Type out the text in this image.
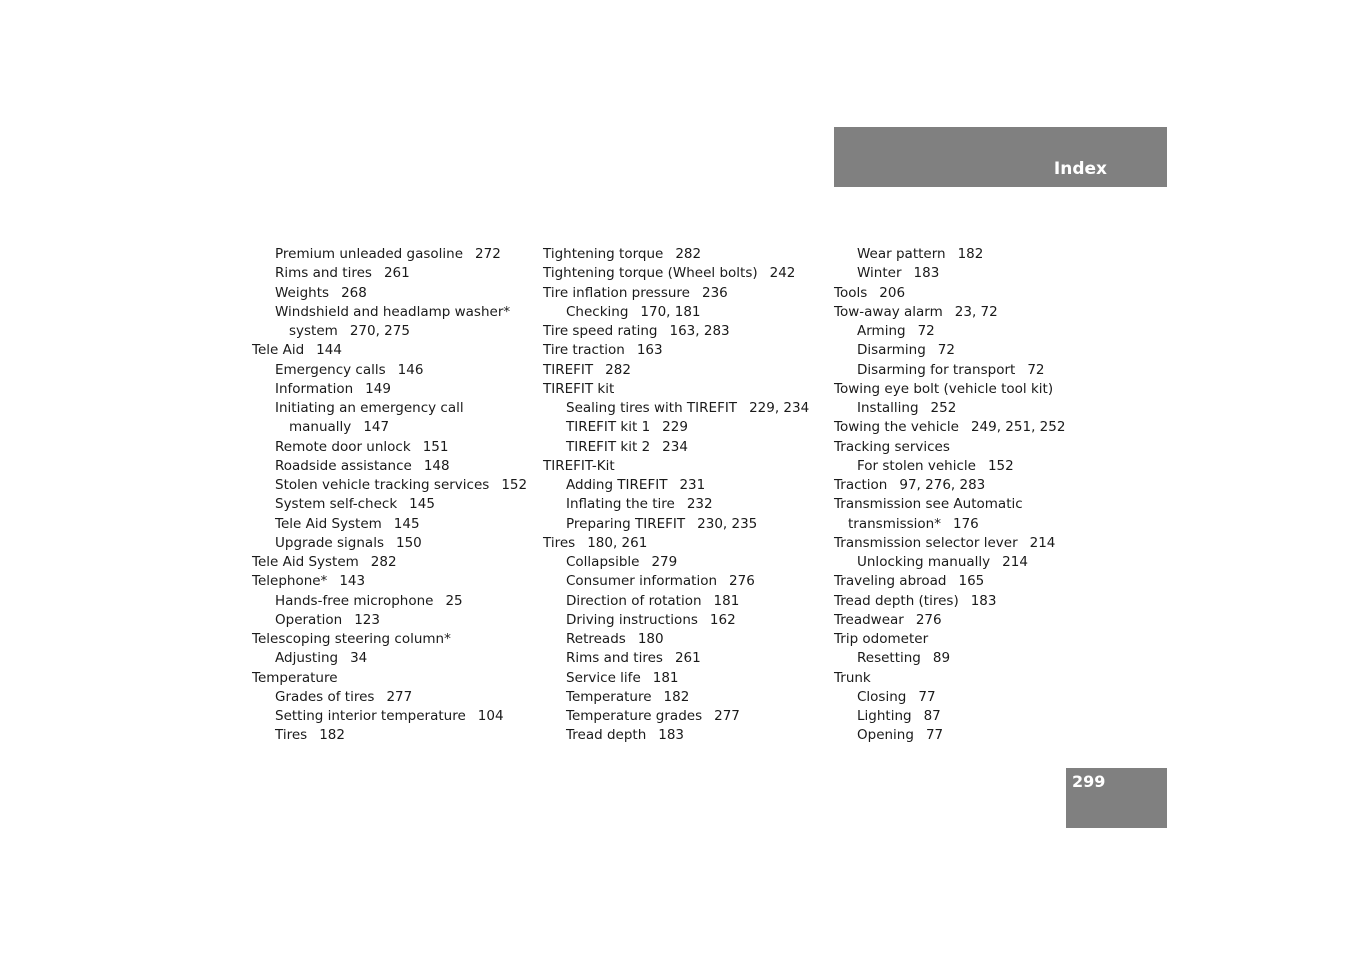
Index
Premium unleaded gasoline 272
Rims and tires 261
Weights 268
Windshield and headlamp washer*
system 270, 275
Tele Aid 144
Emergency calls 146
Information 149
Initiating an emergency call
manually 147
Remote door unlock 151
Roadside assistance 148
Stolen vehicle tracking services 152
System self-check 145
Tele Aid System 145
Upgrade signals 150
Tele Aid System 282
Telephone* 143
Hands-free microphone 25
Operation 123
Telescoping steering column*
Adjusting 34
Temperature
Grades of tires 277
Setting interior temperature 104
Tires 182
Tightening torque 282
Tightening torque (Wheel bolts) 242
Tire inflation pressure 236
Checking 170, 181
Tire speed rating 163, 283
Tire traction 163
TIREFIT 282
TIREFIT kit
Sealing tires with TIREFIT 229, 234
TIREFIT kit 1 229
TIREFIT kit 2 234
TIREFIT-Kit
Adding TIREFIT 231
Inflating the tire 232
Preparing TIREFIT 230, 235
Tires 180, 261
Collapsible 279
Consumer information 276
Direction of rotation 181
Driving instructions 162
Retreads 180
Rims and tires 261
Service life 181
Temperature 182
Temperature grades 277
Tread depth 183
Wear pattern 182
Winter 183
Tools 206
Tow-away alarm 23, 72
Arming 72
Disarming 72
Disarming for transport 72
Towing eye bolt (vehicle tool kit)
Installing 252
Towing the vehicle 249, 251, 252
Tracking services
For stolen vehicle 152
Traction 97, 276, 283
Transmission see Automatic
transmission* 176
Transmission selector lever 214
Unlocking manually 214
Traveling abroad 165
Tread depth (tires) 183
Treadwear 276
Trip odometer
Resetting 89
Trunk
Closing 77
Lighting 87
Opening 77
299
